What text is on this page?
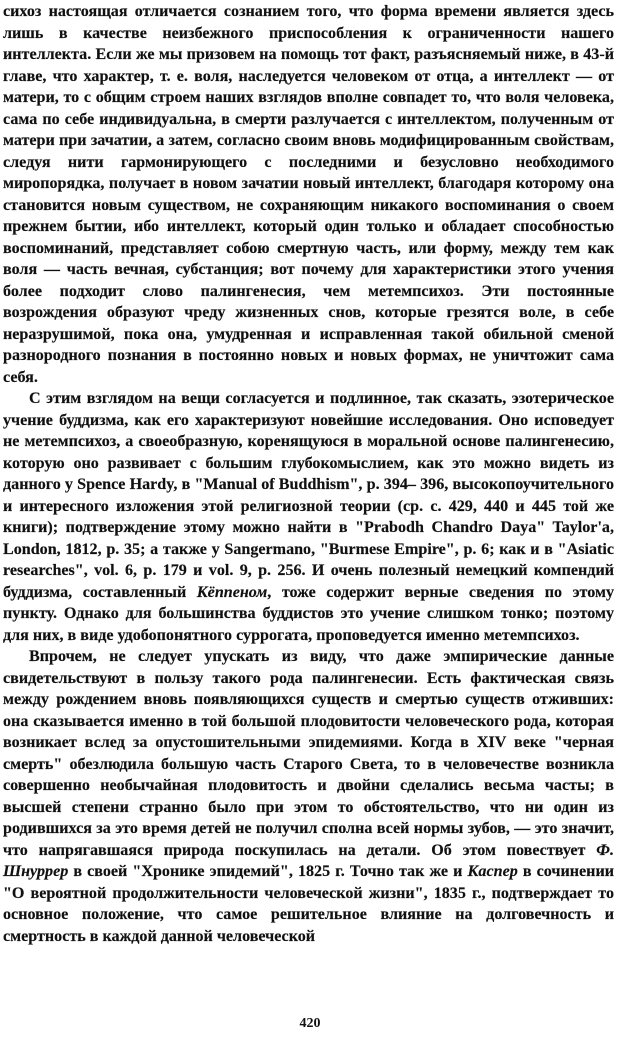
сихоз настоящая отличается сознанием того, что форма времени является здесь лишь в качестве неизбежного приспособления к ограниченности нашего интеллекта. Если же мы призовем на помощь тот факт, разъясняемый ниже, в 43-й главе, что характер, т. е. воля, наследуется человеком от отца, а интеллект — от матери, то с общим строем наших взглядов вполне совпадет то, что воля человека, сама по себе индивидуальна, в смерти разлучается с интеллектом, полученным от матери при зачатии, а затем, согласно своим вновь модифицированным свойствам, следуя нити гармонирующего с последними и безусловно необходимого миропорядка, получает в новом зачатии новый интеллект, благодаря которому она становится новым существом, не сохраняющим никакого воспоминания о своем прежнем бытии, ибо интеллект, который один только и обладает способностью воспоминаний, представляет собою смертную часть, или форму, между тем как воля — часть вечная, субстанция; вот почему для характеристики этого учения более подходит слово палингенесия, чем метемпсихоз. Эти постоянные возрождения образуют чреду жизненных снов, которые грезятся воле, в себе неразрушимой, пока она, умудренная и исправленная такой обильной сменой разнородного познания в постоянно новых и новых формах, не уничтожит сама себя.

С этим взглядом на вещи согласуется и подлинное, так сказать, эзотерическое учение буддизма, как его характеризуют новейшие исследования. Оно исповедует не метемпсихоз, а своеобразную, коренящуюся в моральной основе палингенесию, которую оно развивает с большим глубокомыслием, как это можно видеть из данного у Spence Hardy, в "Manual of Buddhism", p. 394– 396, высокопоучительного и интересного изложения этой религиозной теории (ср. с. 429, 440 и 445 той же книги); подтверждение этому можно найти в "Prabodh Chandro Daya" Taylor'a, London, 1812, p. 35; а также у Sangermano, "Burmese Empire", p. 6; как и в "Asiatic researches", vol. 6, p. 179 и vol. 9, p. 256. И очень полезный немецкий компендий буддизма, составленный Кёппеном, тоже содержит верные сведения по этому пункту. Однако для большинства буддистов это учение слишком тонко; поэтому для них, в виде удобопонятного суррогата, проповедуется именно метемпсихоз.

Впрочем, не следует упускать из виду, что даже эмпирические данные свидетельствуют в пользу такого рода палингенесии. Есть фактическая связь между рождением вновь появляющихся существ и смертью существ отживших: она сказывается именно в той большой плодовитости человеческого рода, которая возникает вслед за опустошительными эпидемиями. Когда в XIV веке "черная смерть" обезлюдила большую часть Старого Света, то в человечестве возникла совершенно необычайная плодовитость и двойни сделались весьма часты; в высшей степени странно было при этом то обстоятельство, что ни один из родившихся за это время детей не получил сполна всей нормы зубов, — это значит, что напрягавшаяся природа поскупилась на детали. Об этом повествует Ф. Шнуррер в своей "Хронике эпидемий", 1825 г. Точно так же и Каспер в сочинении "О вероятной продолжительности человеческой жизни", 1835 г., подтверждает то основное положение, что самое решительное влияние на долговечность и смертность в каждой данной человеческой

420
